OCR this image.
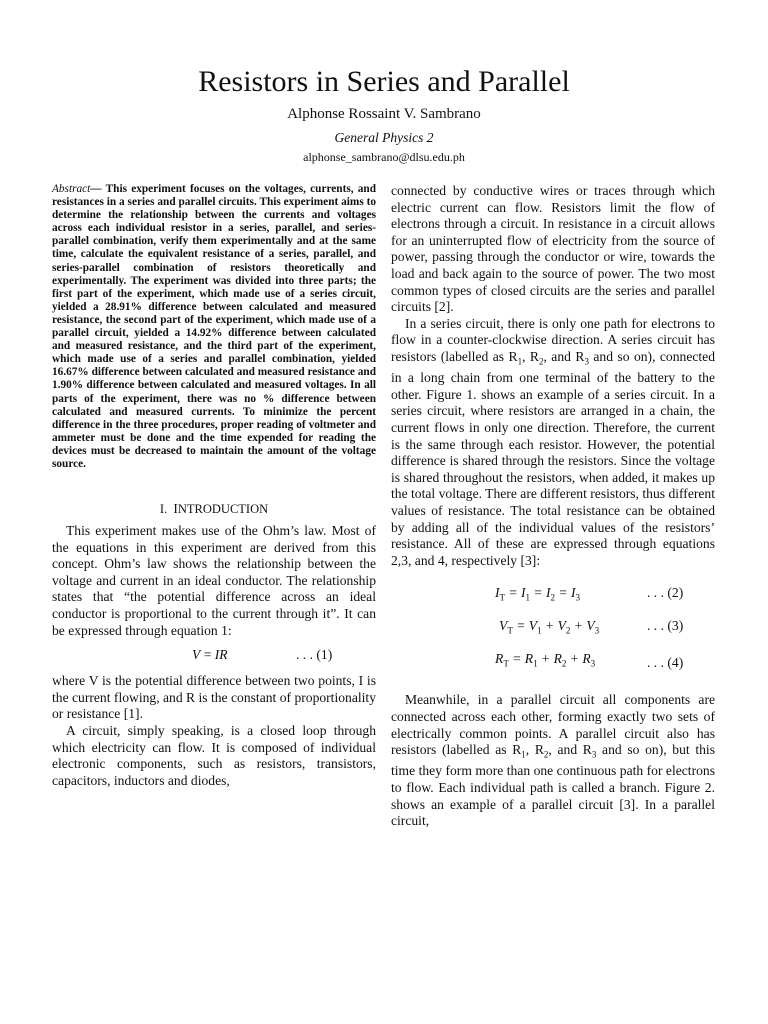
Resistors in Series and Parallel
Alphonse Rossaint V. Sambrano
General Physics 2
alphonse_sambrano@dlsu.edu.ph

Abstract— This experiment focuses on the voltages, currents, and resistances in a series and parallel circuits. This experiment aims to determine the relationship between the currents and voltages across each individual resistor in a series, parallel, and series-parallel combination, verify them experimentally and at the same time, calculate the equivalent resistance of a series, parallel, and series-parallel combination of resistors theoretically and experimentally. The experiment was divided into three parts; the first part of the experiment, which made use of a series circuit, yielded a 28.91% difference between calculated and measured resistance, the second part of the experiment, which made use of a parallel circuit, yielded a 14.92% difference between calculated and measured resistance, and the third part of the experiment, which made use of a series and parallel combination, yielded 16.67% difference between calculated and measured resistance and 1.90% difference between calculated and measured voltages. In all parts of the experiment, there was no % difference between calculated and measured currents. To minimize the percent difference in the three procedures, proper reading of voltmeter and ammeter must be done and the time expended for reading the devices must be decreased to maintain the amount of the voltage source.

I. INTRODUCTION

This experiment makes use of the Ohm’s law. Most of the equations in this experiment are derived from this concept. Ohm’s law shows the relationship between the voltage and current in an ideal conductor. The relationship states that “the potential difference across an ideal conductor is proportional to the current through it”. It can be expressed through equation 1:

V = IR	. . . (1)

where V is the potential difference between two points, I is the current flowing, and R is the constant of proportionality or resistance [1].

A circuit, simply speaking, is a closed loop through which electricity can flow. It is composed of individual electronic components, such as resistors, transistors, capacitors, inductors and diodes,

connected by conductive wires or traces through which electric current can flow. Resistors limit the flow of electrons through a circuit. In resistance in a circuit allows for an uninterrupted flow of electricity from the source of power, passing through the conductor or wire, towards the load and back again to the source of power. The two most common types of closed circuits are the series and parallel circuits [2].

In a series circuit, there is only one path for electrons to flow in a counter-clockwise direction. A series circuit has resistors (labelled as $R_1$, $R_2$, and $R_3$ and so on), connected in a long chain from one terminal of the battery to the other. Figure 1. shows an example of a series circuit. In a series circuit, where resistors are arranged in a chain, the current flows in only one direction. Therefore, the current is the same through each resistor. However, the potential difference is shared through the resistors. Since the voltage is shared throughout the resistors, when added, it makes up the total voltage. There are different resistors, thus different values of resistance. The total resistance can be obtained by adding all of the individual values of the resistors’ resistance. All of these are expressed through equations 2,3, and 4, respectively [3]:

$I_T = I_1 = I_2 = I_3$	. . . (2)
$V_T = V_1 + V_2 + V_3$	. . . (3)
$R_T = R_1 + R_2 + R_3$	. . . (4)

Meanwhile, in a parallel circuit all components are connected across each other, forming exactly two sets of electrically common points. A parallel circuit also has resistors (labelled as $R_1$, $R_2$, and $R_3$ and so on), but this time they form more than one continuous path for electrons to flow. Each individual path is called a branch. Figure 2. shows an example of a parallel circuit [3]. In a parallel circuit,
